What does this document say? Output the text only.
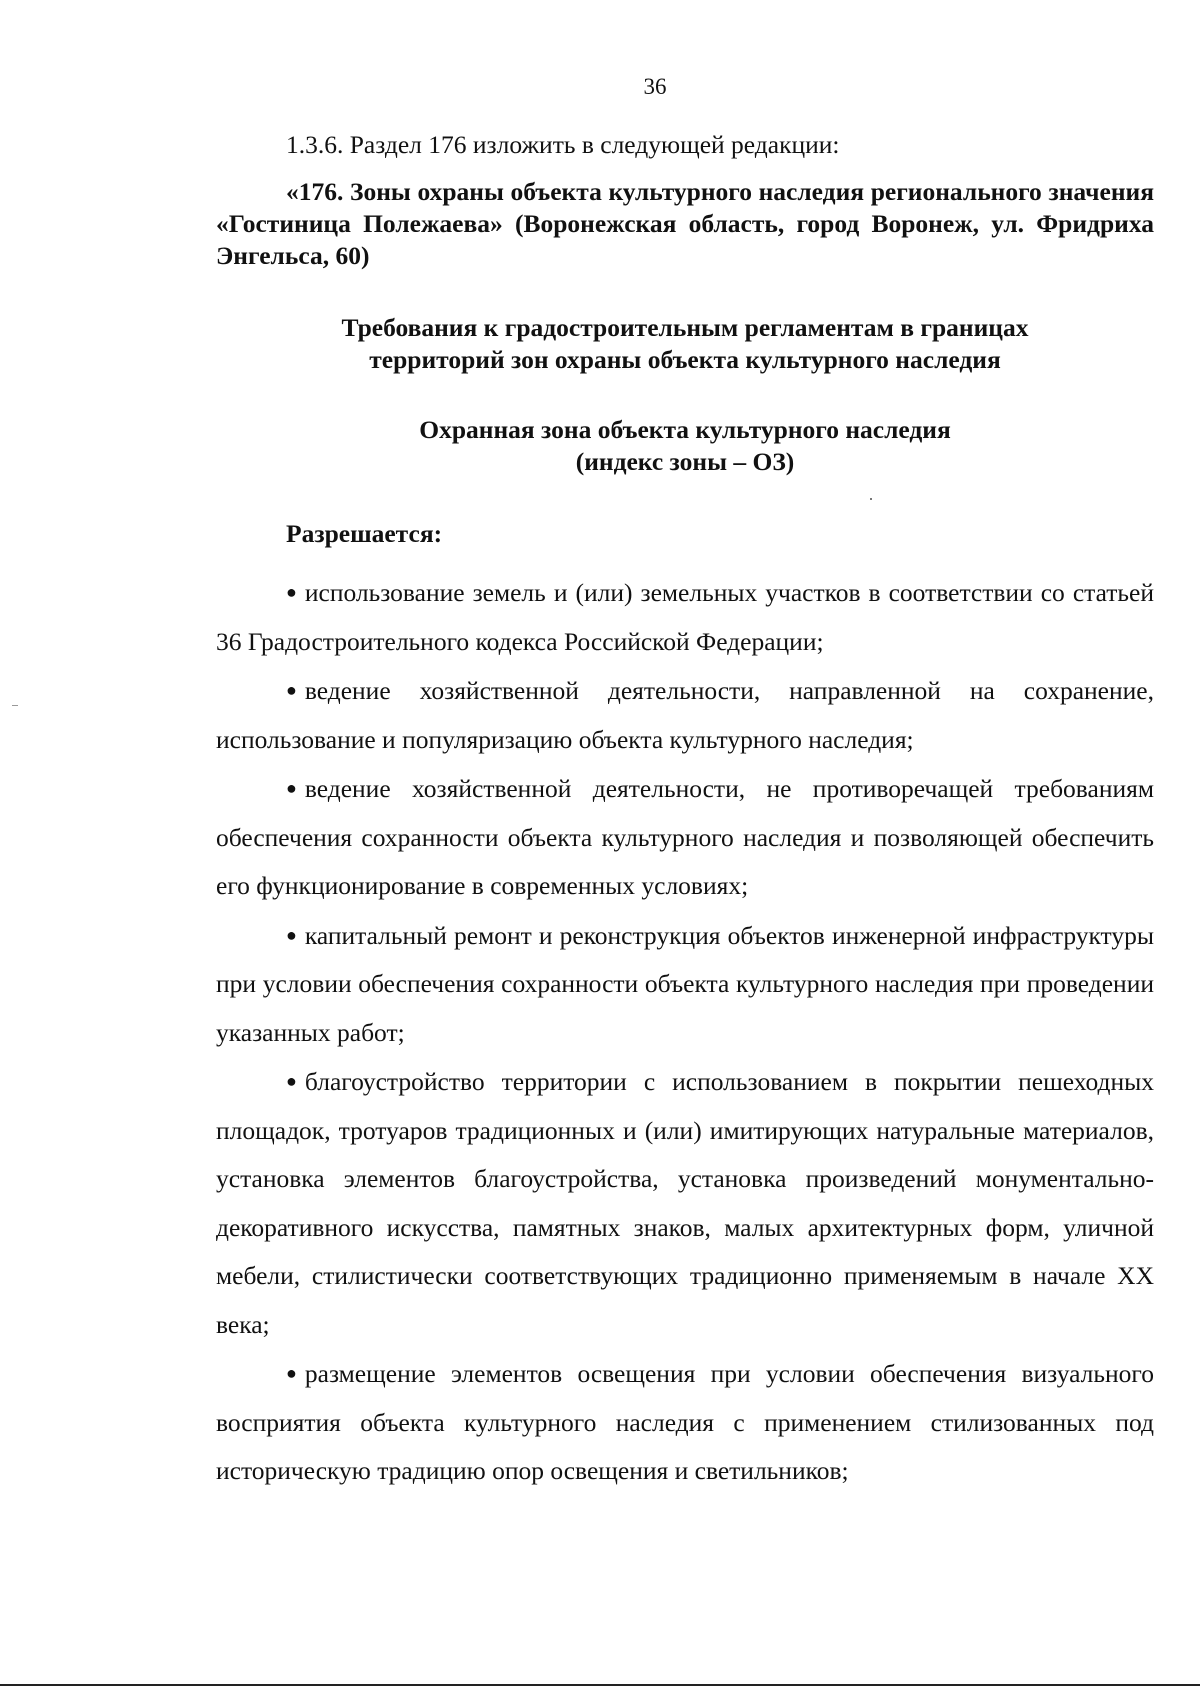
36

1.3.6. Раздел 176 изложить в следующей редакции:

«176. Зоны охраны объекта культурного наследия регионального значения «Гостиница Полежаева» (Воронежская область, город Воронеж, ул. Фридриха Энгельса, 60)

Требования к градостроительным регламентам в границах

территорий зон охраны объекта культурного наследия

Охранная зона объекта культурного наследия

(индекс зоны – ОЗ)

Разрешается:

● использование земель и (или) земельных участков в соответствии со статьей 36 Градостроительного кодекса Российской Федерации;
● ведение хозяйственной деятельности, направленной на сохранение, использование и популяризацию объекта культурного наследия;
● ведение хозяйственной деятельности, не противоречащей требованиям обеспечения сохранности объекта культурного наследия и позволяющей обеспечить его функционирование в современных условиях;
● капитальный ремонт и реконструкция объектов инженерной инфраструктуры при условии обеспечения сохранности объекта культурного наследия при проведении указанных работ;
● благоустройство территории с использованием в покрытии пешеходных площадок, тротуаров традиционных и (или) имитирующих натуральные материалов, установка элементов благоустройства, установка произведений монументально-декоративного искусства, памятных знаков, малых архитектурных форм, уличной мебели, стилистически соответствующих традиционно применяемым в начале XX века;
● размещение элементов освещения при условии обеспечения визуального восприятия объекта культурного наследия с применением стилизованных под историческую традицию опор освещения и светильников;
